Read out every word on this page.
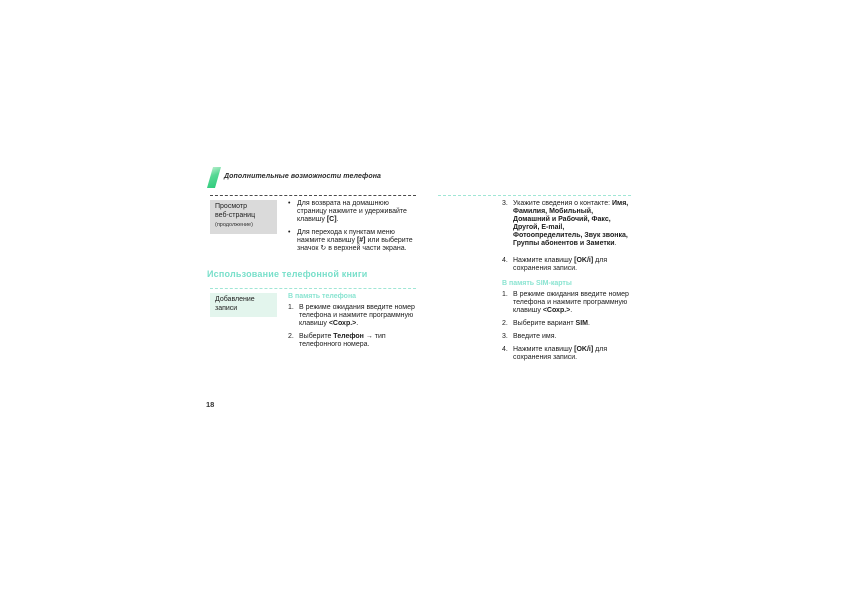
Дополнительные возможности телефона
Просмотр
веб-страниц
(продолжение)
• Для возврата на домашнюю страницу нажмите и удерживайте клавишу [C].
• Для перехода к пунктам меню нажмите клавишу [#] или выберите значок ↻ в верхней части экрана.
Использование телефонной книги
Добавление
записи
В память телефона
1. В режиме ожидания введите номер телефона и нажмите программную клавишу <Сохр.>.
2. Выберите Телефон → тип телефонного номера.
3. Укажите сведения о контакте: Имя, Фамилия, Мобильный, Домашний и Рабочий, Факс, Другой, E-mail, Фотоопределитель, Звук звонка, Группы абонентов и Заметки.
4. Нажмите клавишу [OK/i] для сохранения записи.
В память SIM-карты
1. В режиме ожидания введите номер телефона и нажмите программную клавишу <Сохр.>.
2. Выберите вариант SIM.
3. Введите имя.
4. Нажмите клавишу [OK/i] для сохранения записи.
18
